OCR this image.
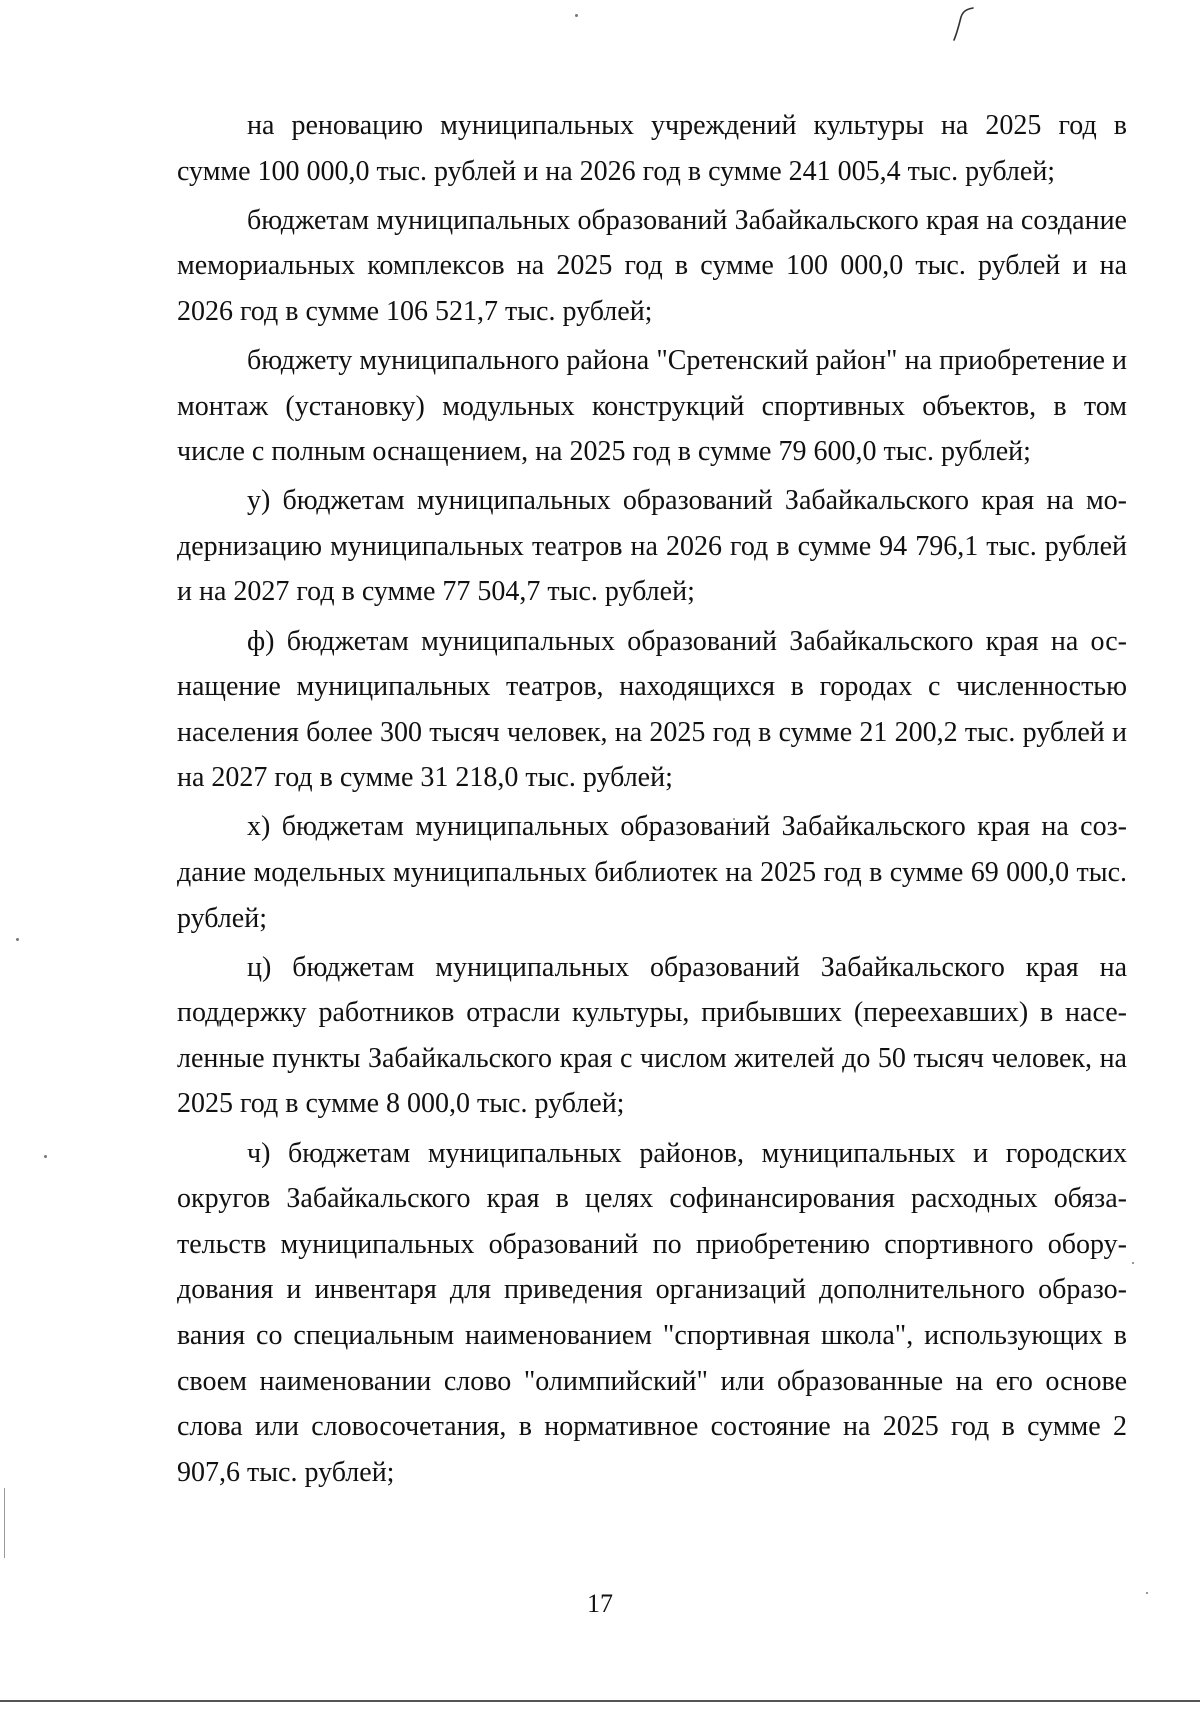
на реновацию муниципальных учреждений культуры на 2025 год в сумме 100 000,0 тыс. рублей и на 2026 год в сумме 241 005,4 тыс. рублей;

бюджетам муниципальных образований Забайкальского края на создание мемориальных комплексов на 2025 год в сумме 100 000,0 тыс. рублей и на 2026 год в сумме 106 521,7 тыс. рублей;

бюджету муниципального района "Сретенский район" на приобретение и монтаж (установку) модульных конструкций спортивных объектов, в том числе с полным оснащением, на 2025 год в сумме 79 600,0 тыс. рублей;

у) бюджетам муниципальных образований Забайкальского края на модернизацию муниципальных театров на 2026 год в сумме 94 796,1 тыс. рублей и на 2027 год в сумме 77 504,7 тыс. рублей;

ф) бюджетам муниципальных образований Забайкальского края на оснащение муниципальных театров, находящихся в городах с численностью населения более 300 тысяч человек, на 2025 год в сумме 21 200,2 тыс. рублей и на 2027 год в сумме 31 218,0 тыс. рублей;

х) бюджетам муниципальных образований Забайкальского края на создание модельных муниципальных библиотек на 2025 год в сумме 69 000,0 тыс. рублей;

ц) бюджетам муниципальных образований Забайкальского края на поддержку работников отрасли культуры, прибывших (переехавших) в населенные пункты Забайкальского края с числом жителей до 50 тысяч человек, на 2025 год в сумме 8 000,0 тыс. рублей;

ч) бюджетам муниципальных районов, муниципальных и городских округов Забайкальского края в целях софинансирования расходных обязательств муниципальных образований по приобретению спортивного оборудования и инвентаря для приведения организаций дополнительного образования со специальным наименованием "спортивная школа", использующих в своем наименовании слово "олимпийский" или образованные на его основе слова или словосочетания, в нормативное состояние на 2025 год в сумме 2 907,6 тыс. рублей;

17
